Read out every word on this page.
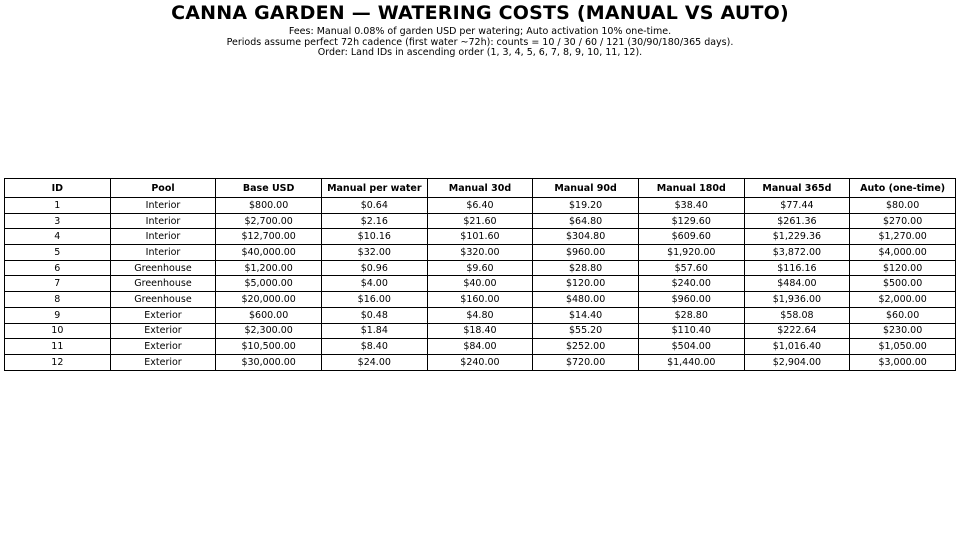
CANNA GARDEN — WATERING COSTS (MANUAL VS AUTO)
Fees: Manual 0.08% of garden USD per watering; Auto activation 10% one-time.
Periods assume perfect 72h cadence (first water ~72h): counts = 10 / 30 / 60 / 121 (30/90/180/365 days).
Order: Land IDs in ascending order (1, 3, 4, 5, 6, 7, 8, 9, 10, 11, 12).
ID	Pool	Base USD	Manual per water	Manual 30d	Manual 90d	Manual 180d	Manual 365d	Auto (one-time)
1	Interior	$800.00	$0.64	$6.40	$19.20	$38.40	$77.44	$80.00
3	Interior	$2,700.00	$2.16	$21.60	$64.80	$129.60	$261.36	$270.00
4	Interior	$12,700.00	$10.16	$101.60	$304.80	$609.60	$1,229.36	$1,270.00
5	Interior	$40,000.00	$32.00	$320.00	$960.00	$1,920.00	$3,872.00	$4,000.00
6	Greenhouse	$1,200.00	$0.96	$9.60	$28.80	$57.60	$116.16	$120.00
7	Greenhouse	$5,000.00	$4.00	$40.00	$120.00	$240.00	$484.00	$500.00
8	Greenhouse	$20,000.00	$16.00	$160.00	$480.00	$960.00	$1,936.00	$2,000.00
9	Exterior	$600.00	$0.48	$4.80	$14.40	$28.80	$58.08	$60.00
10	Exterior	$2,300.00	$1.84	$18.40	$55.20	$110.40	$222.64	$230.00
11	Exterior	$10,500.00	$8.40	$84.00	$252.00	$504.00	$1,016.40	$1,050.00
12	Exterior	$30,000.00	$24.00	$240.00	$720.00	$1,440.00	$2,904.00	$3,000.00
